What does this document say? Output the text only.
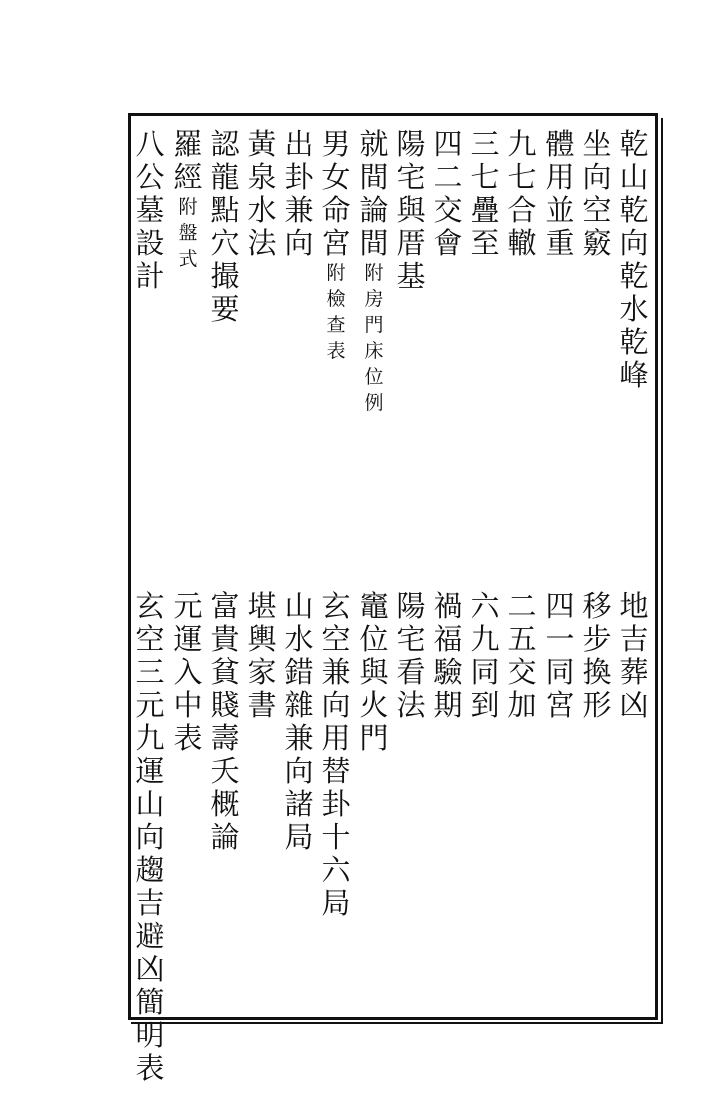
乾
山
乾
向
乾
水
乾
峰
坐
向
空
竅
體
用
並
重
九
七
合
轍
三
七
疊
至
四
二
交
會
陽
宅
與
厝
基
就
間
論
間
附
房
門
床
位
例
男
女
命
宮
附
檢
查
表
出
卦
兼
向
黃
泉
水
法
認
龍
點
穴
撮
要
羅
經
附
盤
式
八
公
墓
設
計
地
吉
葬
凶
移
步
換
形
四
一
同
宮
二
五
交
加
六
九
同
到
禍
福
驗
期
陽
宅
看
法
竈
位
與
火
門
玄
空
兼
向
用
替
卦
十
六
局
山
水
錯
雜
兼
向
諸
局
堪
輿
家
書
富
貴
貧
賤
壽
夭
概
論
元
運
入
中
表
玄
空
三
元
九
運
山
向
趨
吉
避
凶
簡
明
表
